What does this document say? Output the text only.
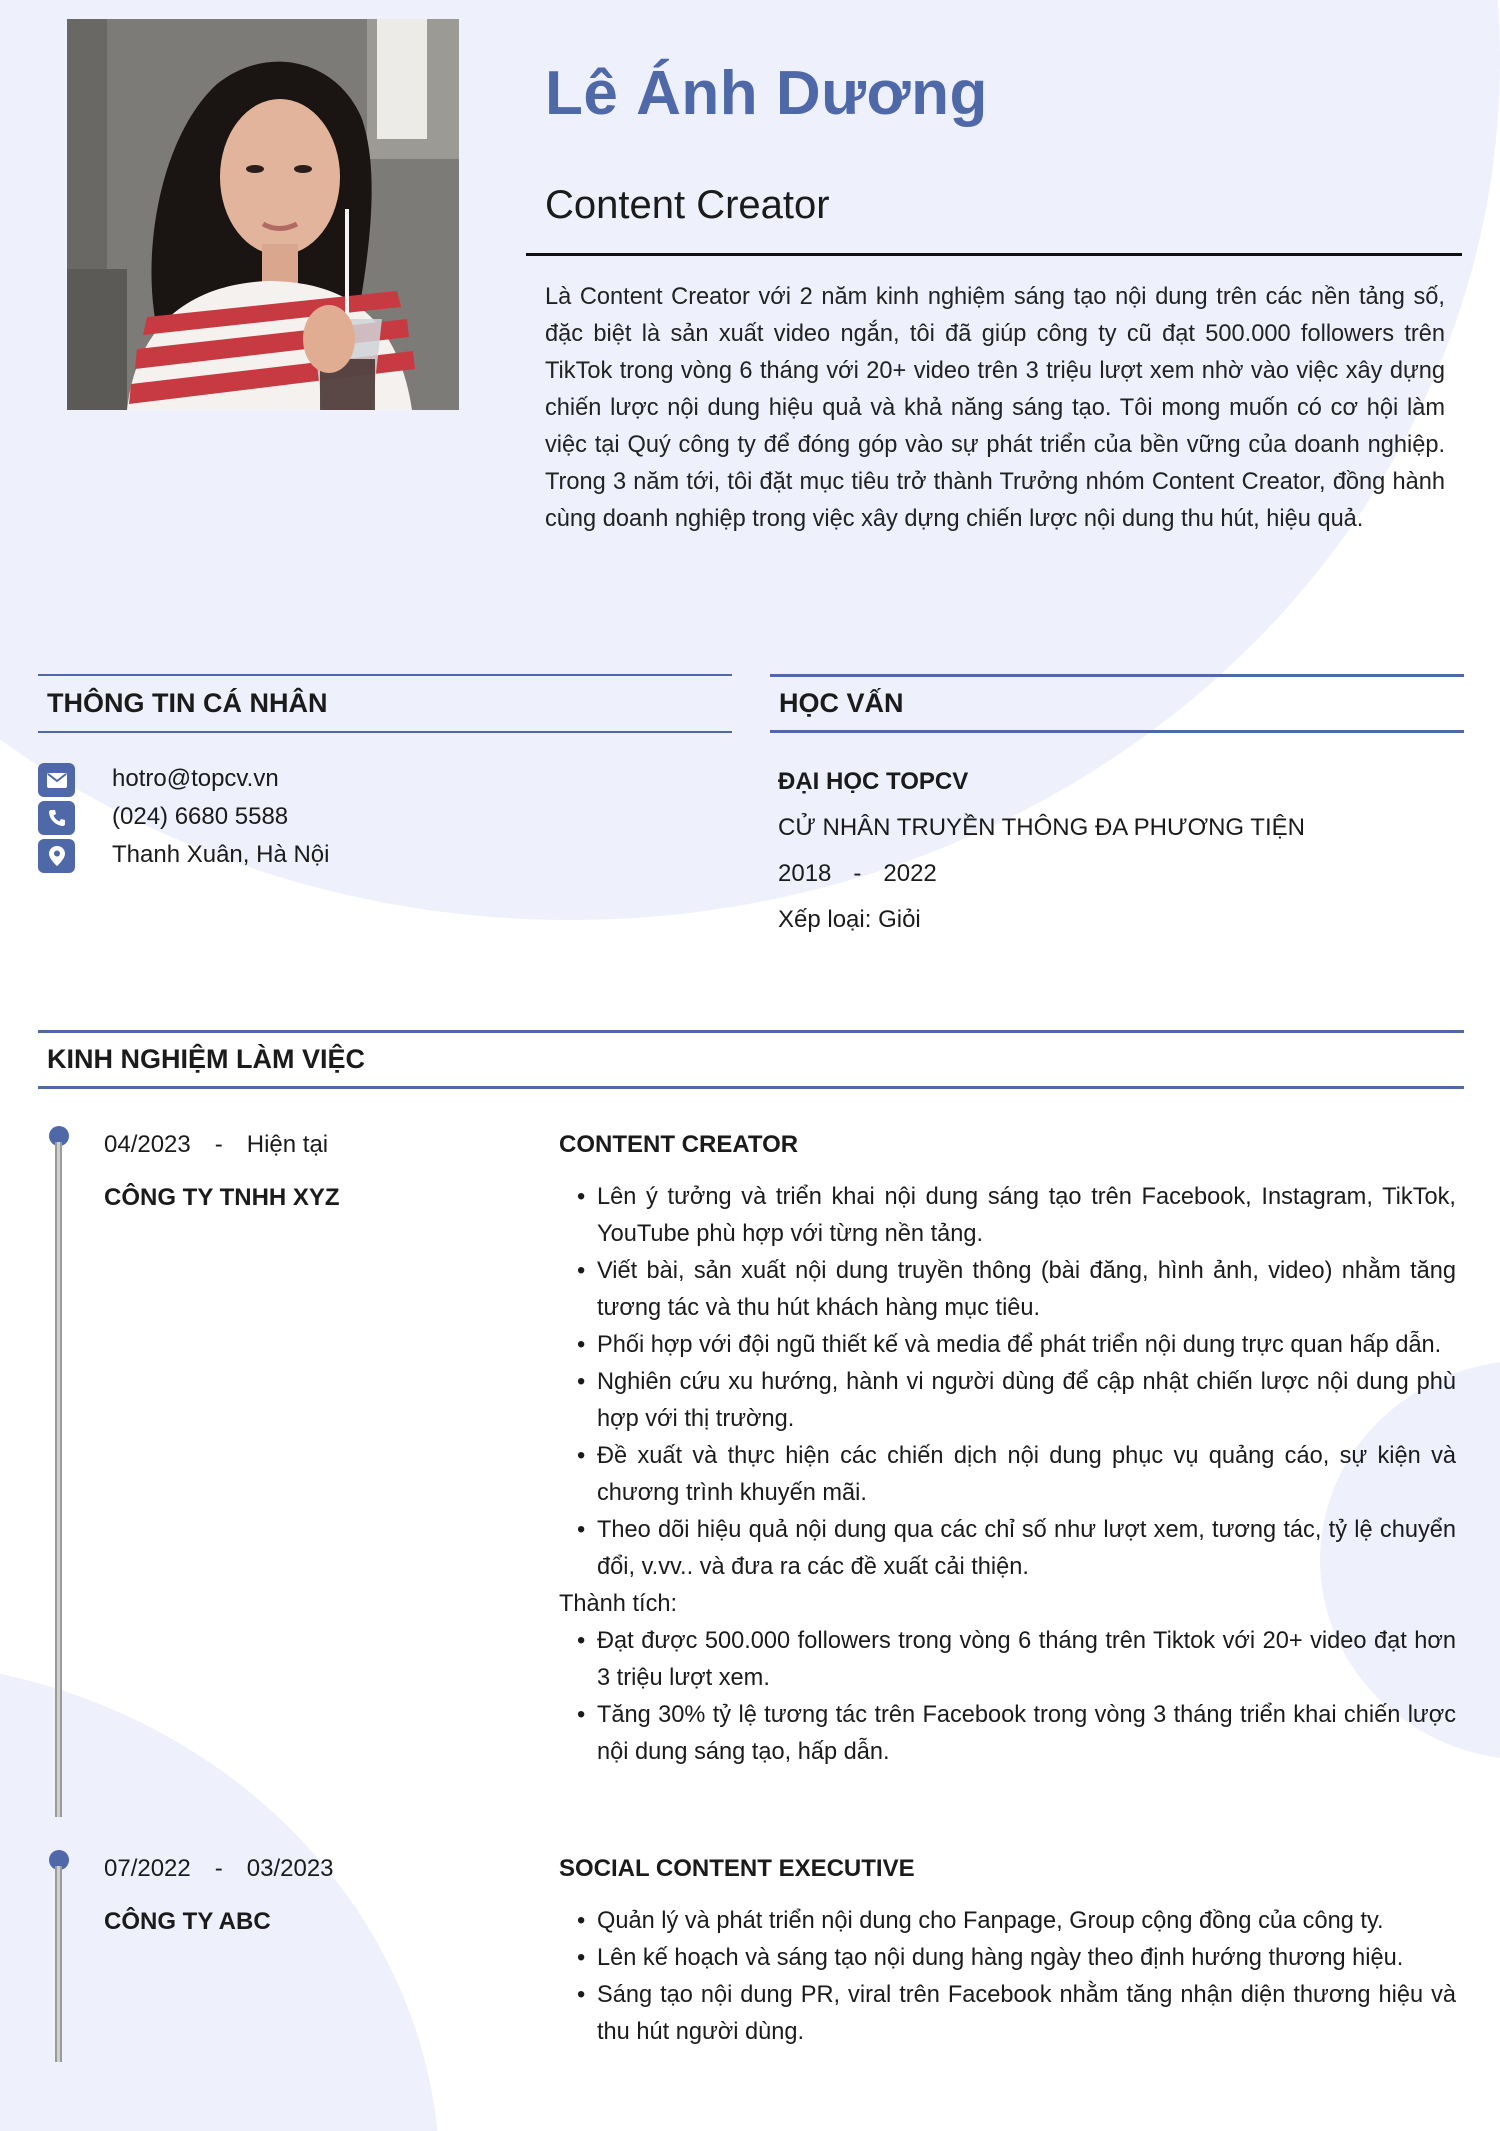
Lê Ánh Dương
Content Creator
Là Content Creator với 2 năm kinh nghiệm sáng tạo nội dung trên các nền tảng số, đặc biệt là sản xuất video ngắn, tôi đã giúp công ty cũ đạt 500.000 followers trên TikTok trong vòng 6 tháng với 20+ video trên 3 triệu lượt xem nhờ vào việc xây dựng chiến lược nội dung hiệu quả và khả năng sáng tạo. Tôi mong muốn có cơ hội làm việc tại Quý công ty để đóng góp vào sự phát triển của bền vững của doanh nghiệp. Trong 3 năm tới, tôi đặt mục tiêu trở thành Trưởng nhóm Content Creator, đồng hành cùng doanh nghiệp trong việc xây dựng chiến lược nội dung thu hút, hiệu quả.
THÔNG TIN CÁ NHÂN
hotro@topcv.vn
(024) 6680 5588
Thanh Xuân, Hà Nội
HỌC VẤN
ĐẠI HỌC TOPCV
CỬ NHÂN TRUYỀN THÔNG ĐA PHƯƠNG TIỆN
2018 - 2022
Xếp loại: Giỏi
KINH NGHIỆM LÀM VIỆC
04/2023 - Hiện tại
CÔNG TY TNHH XYZ
CONTENT CREATOR
• Lên ý tưởng và triển khai nội dung sáng tạo trên Facebook, Instagram, TikTok, YouTube phù hợp với từng nền tảng.
• Viết bài, sản xuất nội dung truyền thông (bài đăng, hình ảnh, video) nhằm tăng tương tác và thu hút khách hàng mục tiêu.
• Phối hợp với đội ngũ thiết kế và media để phát triển nội dung trực quan hấp dẫn.
• Nghiên cứu xu hướng, hành vi người dùng để cập nhật chiến lược nội dung phù hợp với thị trường.
• Đề xuất và thực hiện các chiến dịch nội dung phục vụ quảng cáo, sự kiện và chương trình khuyến mãi.
• Theo dõi hiệu quả nội dung qua các chỉ số như lượt xem, tương tác, tỷ lệ chuyển đổi, v.vv.. và đưa ra các đề xuất cải thiện.
Thành tích:
• Đạt được 500.000 followers trong vòng 6 tháng trên Tiktok với 20+ video đạt hơn 3 triệu lượt xem.
• Tăng 30% tỷ lệ tương tác trên Facebook trong vòng 3 tháng triển khai chiến lược nội dung sáng tạo, hấp dẫn.
07/2022 - 03/2023
CÔNG TY ABC
SOCIAL CONTENT EXECUTIVE
• Quản lý và phát triển nội dung cho Fanpage, Group cộng đồng của công ty.
• Lên kế hoạch và sáng tạo nội dung hàng ngày theo định hướng thương hiệu.
• Sáng tạo nội dung PR, viral trên Facebook nhằm tăng nhận diện thương hiệu và thu hút người dùng.
